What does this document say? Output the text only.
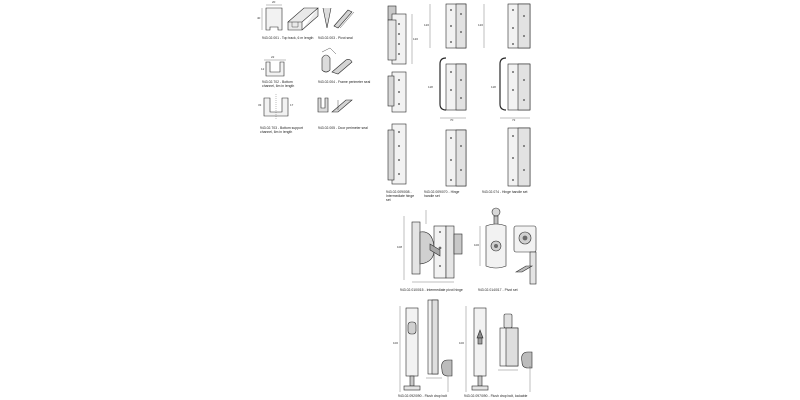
943.02.001 - Top track, 6 m length 943.02.003 - Pivot seal
943.02.702 - Bottom channel, 6m in length
943.02.004 - Frame perimeter seal
943.02.703 - Bottom support channel, 6m in length
943.02.005 - Door perimeter seal
943.02.009/008 - Intermediate hinge set
943.02.009/070 - Hinge handle set
943.02.074 - Hinge handle set
943.02.010/015 - Intermediate pivot hinge	943.02.014/017 - Pivot set
943.02.092/090 - Flush drop bolt	943.02.097/090 - Flush drop bolt, lockable
40
20
22
12
33	17
120
120
118
70
120
118
72
108	100
100	100
